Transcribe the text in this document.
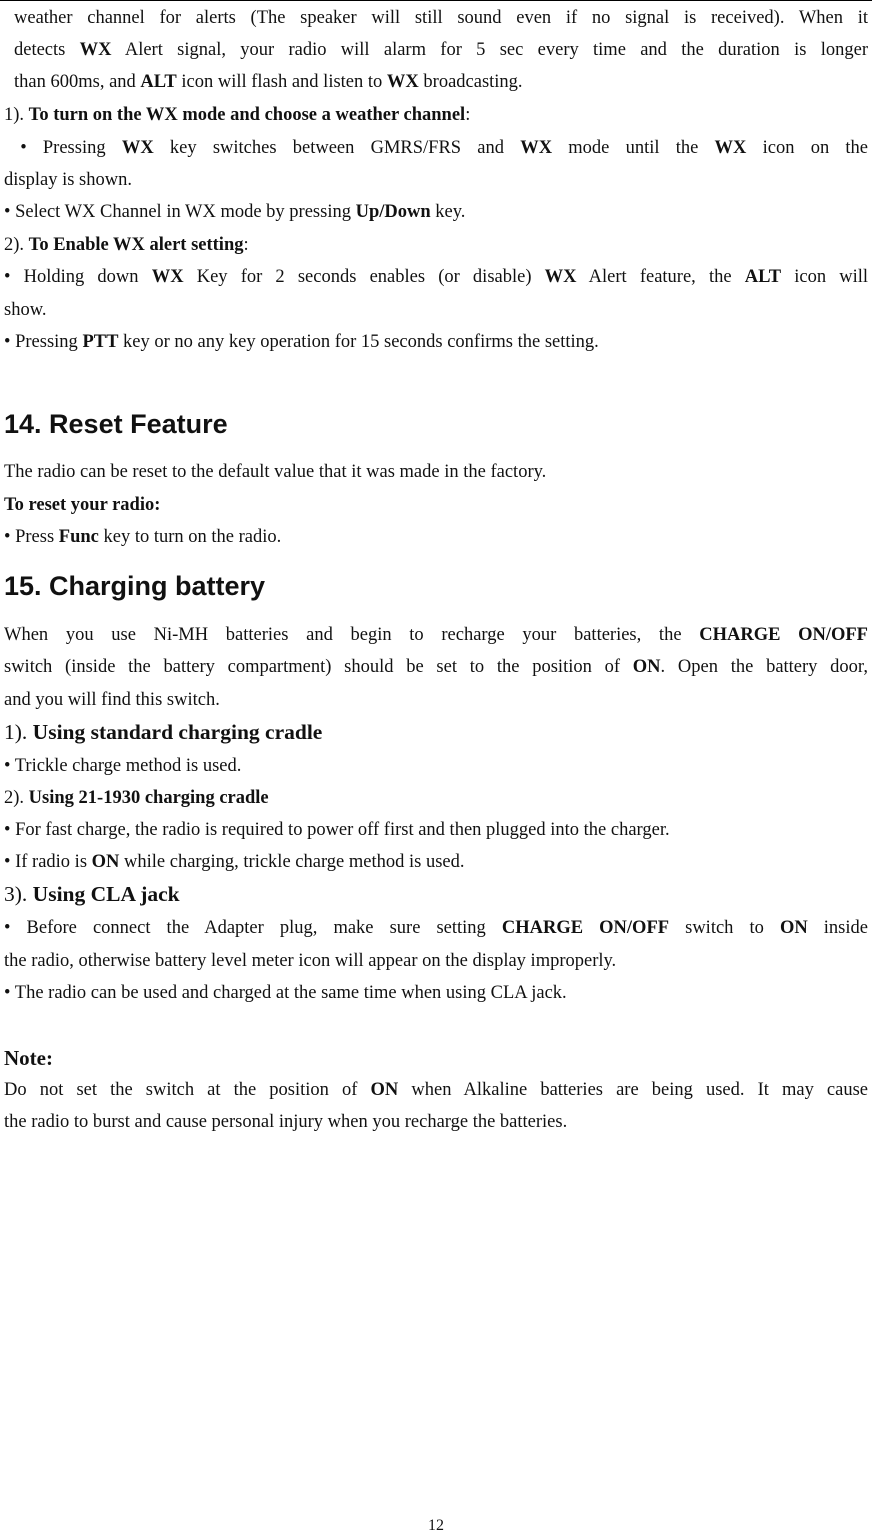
weather channel for alerts (The speaker will still sound even if no signal is received). When it
detects WX Alert signal, your radio will alarm for 5 sec every time and the duration is longer
than 600ms, and ALT icon will flash and listen to WX broadcasting.
1). To turn on the WX mode and choose a weather channel:
• Pressing WX key switches between GMRS/FRS and WX mode until the WX icon on the
display is shown.
• Select WX Channel in WX mode by pressing Up/Down key.
2). To Enable WX alert setting:
• Holding down WX Key for 2 seconds enables (or disable) WX Alert feature, the ALT icon will
show.
• Pressing PTT key or no any key operation for 15 seconds confirms the setting.
14. Reset Feature
The radio can be reset to the default value that it was made in the factory.
To reset your radio:
• Press Func key to turn on the radio.
15. Charging battery
When you use Ni-MH batteries and begin to recharge your batteries, the CHARGE ON/OFF
switch (inside the battery compartment) should be set to the position of ON. Open the battery door,
and you will find this switch.
1). Using standard charging cradle
• Trickle charge method is used.
2). Using 21-1930 charging cradle
• For fast charge, the radio is required to power off first and then plugged into the charger.
• If radio is ON while charging, trickle charge method is used.
3). Using CLA jack
• Before connect the Adapter plug, make sure setting CHARGE ON/OFF switch to ON inside
the radio, otherwise battery level meter icon will appear on the display improperly.
• The radio can be used and charged at the same time when using CLA jack.
Note:
Do not set the switch at the position of ON when Alkaline batteries are being used. It may cause
the radio to burst and cause personal injury when you recharge the batteries.
12
